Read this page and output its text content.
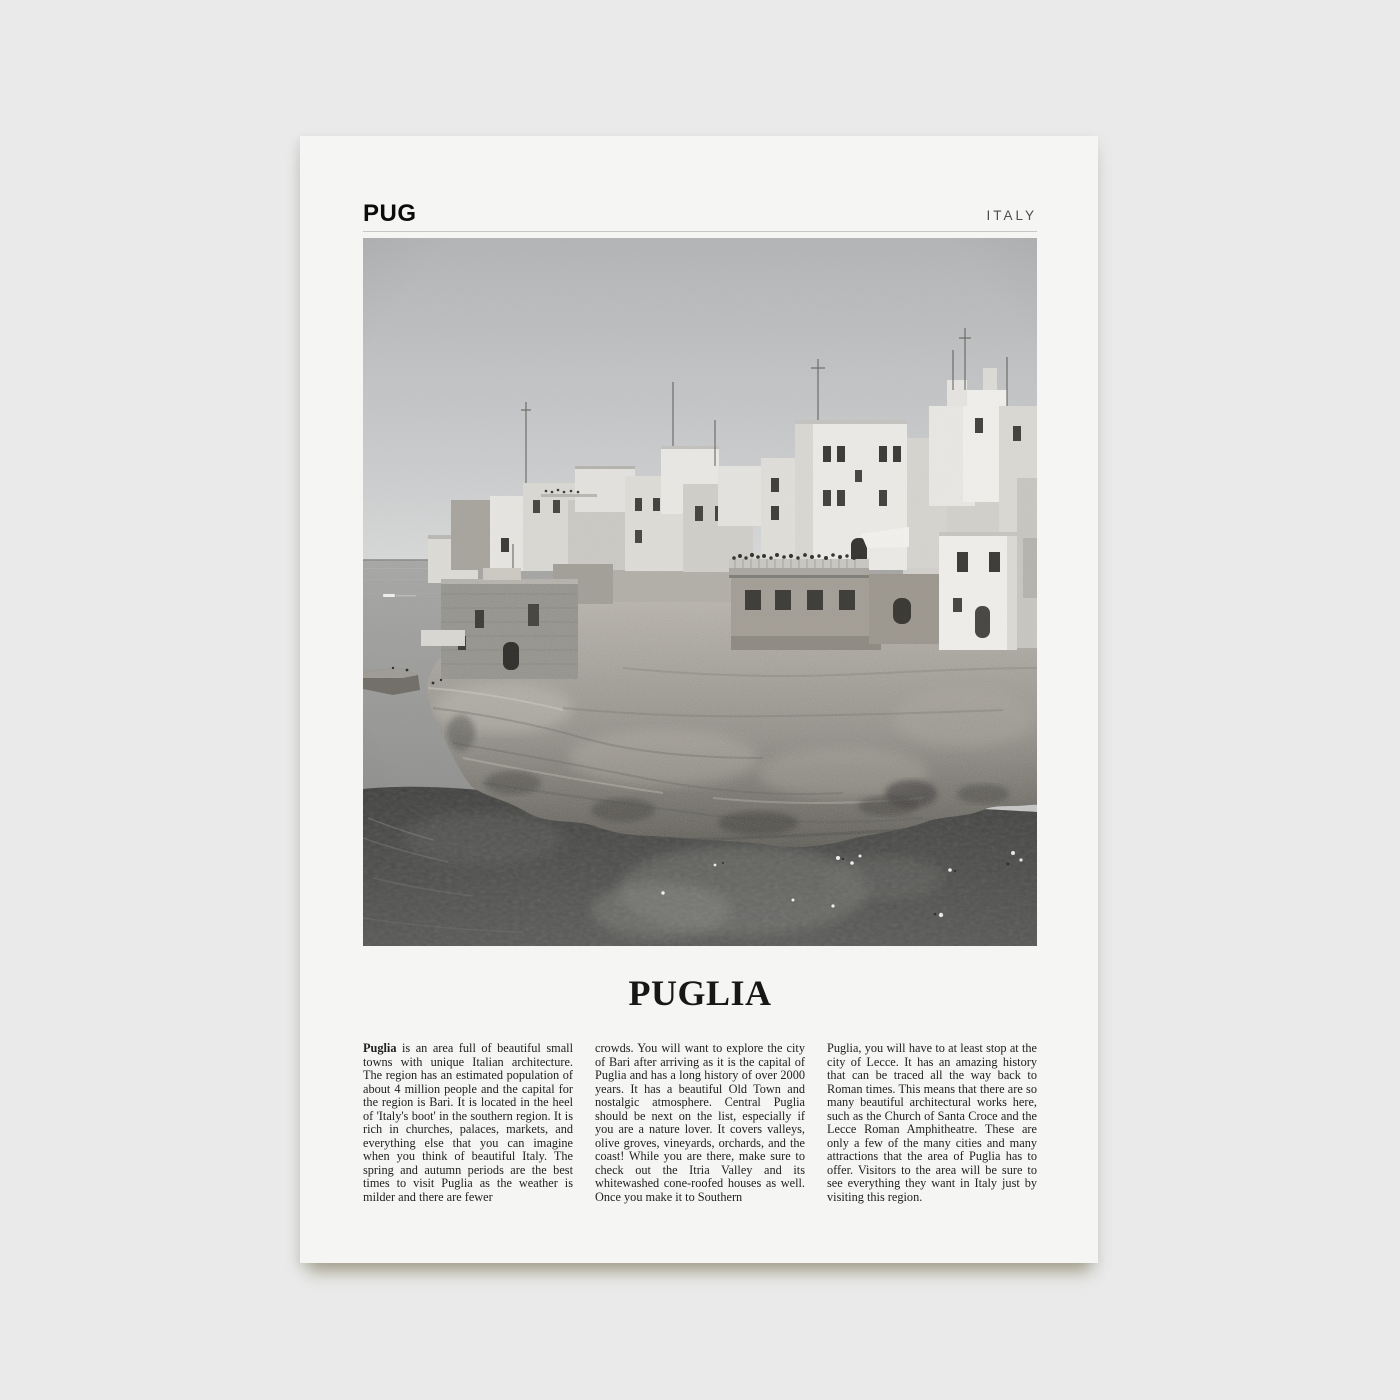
PUG	ITALY
PUGLIA

Puglia is an area full of beautiful small towns with unique Italian architecture. The region has an estimated population of about 4 million people and the capital for the region is Bari. It is located in the heel of 'Italy's boot' in the southern region. It is rich in churches, palaces, markets, and everything else that you can imagine when you think of beautiful Italy. The spring and autumn periods are the best times to visit Puglia as the weather is milder and there are fewer

crowds. You will want to explore the city of Bari after arriving as it is the capital of Puglia and has a long history of over 2000 years. It has a beautiful Old Town and nostalgic atmosphere. Central Puglia should be next on the list, especially if you are a nature lover. It covers valleys, olive groves, vineyards, orchards, and the coast! While you are there, make sure to check out the Itria Valley and its whitewashed cone-roofed houses as well. Once you make it to Southern

Puglia, you will have to at least stop at the city of Lecce. It has an amazing history that can be traced all the way back to Roman times. This means that there are so many beautiful architectural works here, such as the Church of Santa Croce and the Lecce Roman Amphitheatre. These are only a few of the many cities and many attractions that the area of Puglia has to offer. Visitors to the area will be sure to see everything they want in Italy just by visiting this region.
